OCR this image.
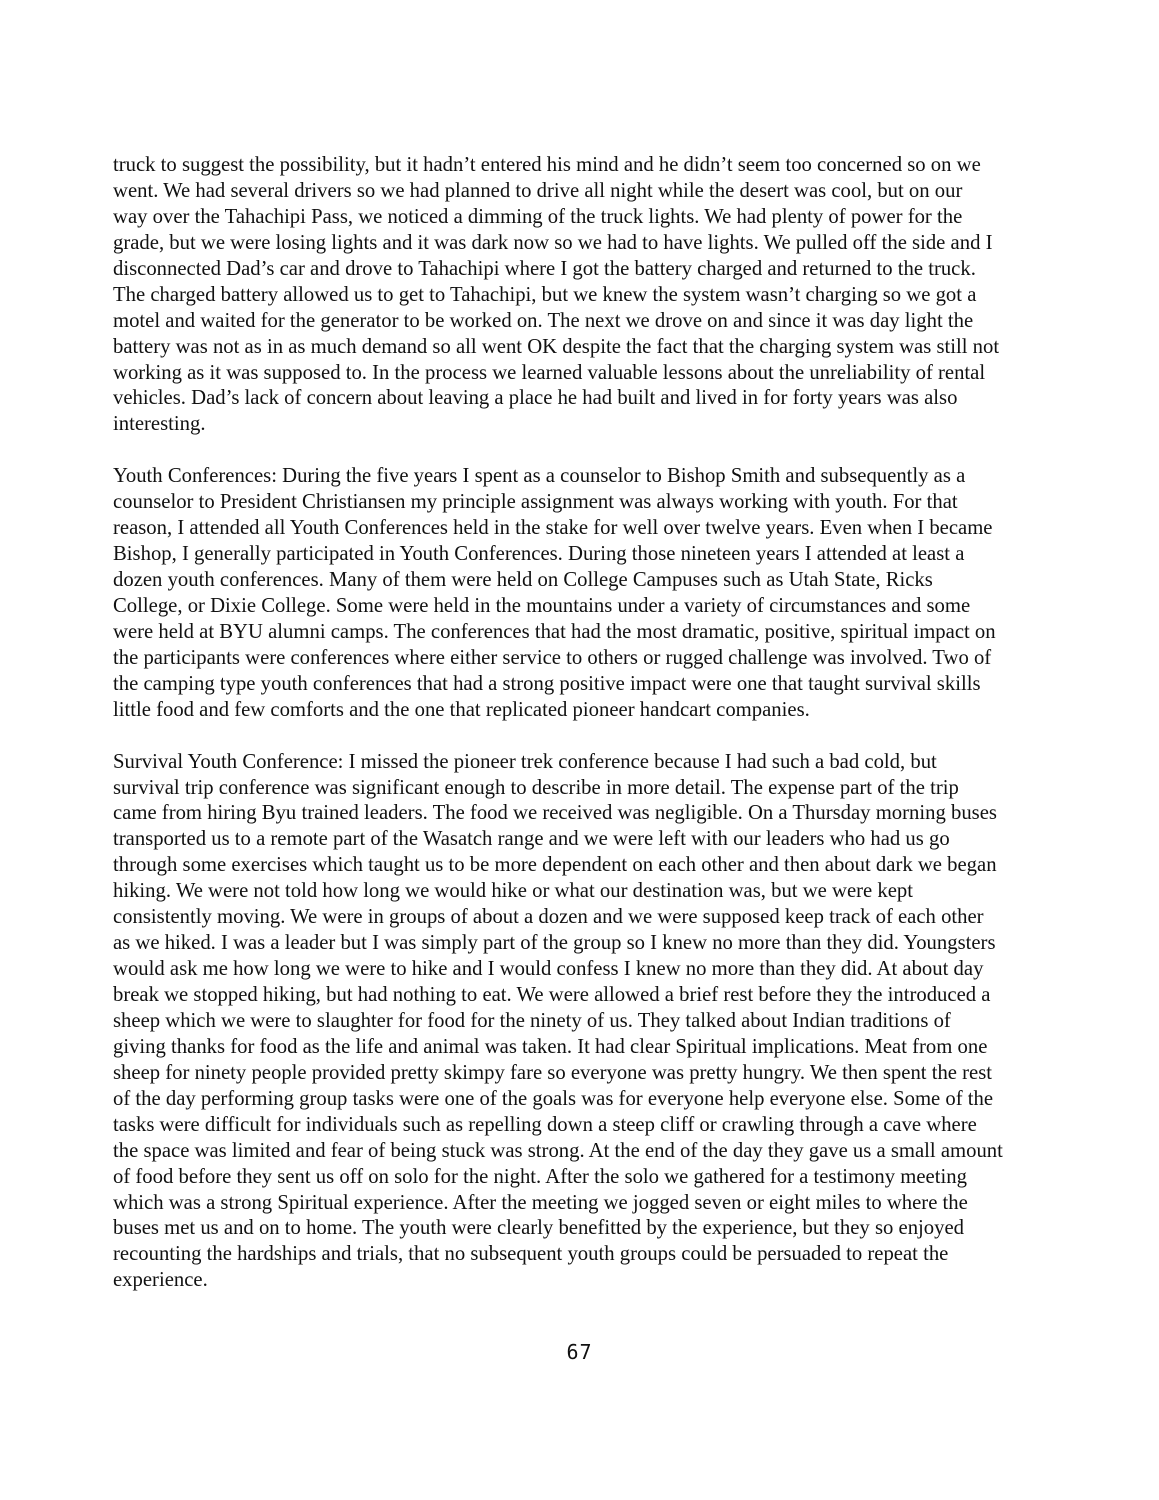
truck to suggest the possibility, but it hadn’t entered his mind and he didn’t seem too concerned so on we
went. We had several drivers so we had planned to drive all night while the desert was cool, but on our
way over the Tahachipi Pass, we noticed a dimming of the truck lights. We had plenty of power for the
grade, but we were losing lights and it was dark now so we had to have lights. We pulled off the side and I
disconnected Dad’s car and drove to Tahachipi where I got the battery charged and returned to the truck.
The charged battery allowed us to get to Tahachipi, but we knew the system wasn’t charging so we got a
motel and waited for the generator to be worked on. The next we drove on and since it was day light the
battery was not as in as much demand so all went OK despite the fact that the charging system was still not
working as it was supposed to. In the process we learned valuable lessons about the unreliability of rental
vehicles. Dad’s lack of concern about leaving a place he had built and lived in for forty years was also
interesting.

Youth Conferences: During the five years I spent as a counselor to Bishop Smith and subsequently as a
counselor to President Christiansen my principle assignment was always working with youth. For that
reason, I attended all Youth Conferences held in the stake for well over twelve years. Even when I became
Bishop, I generally participated in Youth Conferences. During those nineteen years I attended at least a
dozen youth conferences. Many of them were held on College Campuses such as Utah State, Ricks
College, or Dixie College. Some were held in the mountains under a variety of circumstances and some
were held at BYU alumni camps. The conferences that had the most dramatic, positive, spiritual impact on
the participants were conferences where either service to others or rugged challenge was involved. Two of
the camping type youth conferences that had a strong positive impact were one that taught survival skills
little food and few comforts and the one that replicated pioneer handcart companies.

Survival Youth Conference: I missed the pioneer trek conference because I had such a bad cold, but
survival trip conference was significant enough to describe in more detail. The expense part of the trip
came from hiring Byu trained leaders. The food we received was negligible. On a Thursday morning buses
transported us to a remote part of the Wasatch range and we were left with our leaders who had us go
through some exercises which taught us to be more dependent on each other and then about dark we began
hiking. We were not told how long we would hike or what our destination was, but we were kept
consistently moving. We were in groups of about a dozen and we were supposed keep track of each other
as we hiked. I was a leader but I was simply part of the group so I knew no more than they did. Youngsters
would ask me how long we were to hike and I would confess I knew no more than they did. At about day
break we stopped hiking, but had nothing to eat. We were allowed a brief rest before they the introduced a
sheep which we were to slaughter for food for the ninety of us. They talked about Indian traditions of
giving thanks for food as the life and animal was taken. It had clear Spiritual implications. Meat from one
sheep for ninety people provided pretty skimpy fare so everyone was pretty hungry. We then spent the rest
of the day performing group tasks were one of the goals was for everyone help everyone else. Some of the
tasks were difficult for individuals such as repelling down a steep cliff or crawling through a cave where
the space was limited and fear of being stuck was strong. At the end of the day they gave us a small amount
of food before they sent us off on solo for the night. After the solo we gathered for a testimony meeting
which was a strong Spiritual experience. After the meeting we jogged seven or eight miles to where the
buses met us and on to home. The youth were clearly benefitted by the experience, but they so enjoyed
recounting the hardships and trials, that no subsequent youth groups could be persuaded to repeat the
experience.

67
